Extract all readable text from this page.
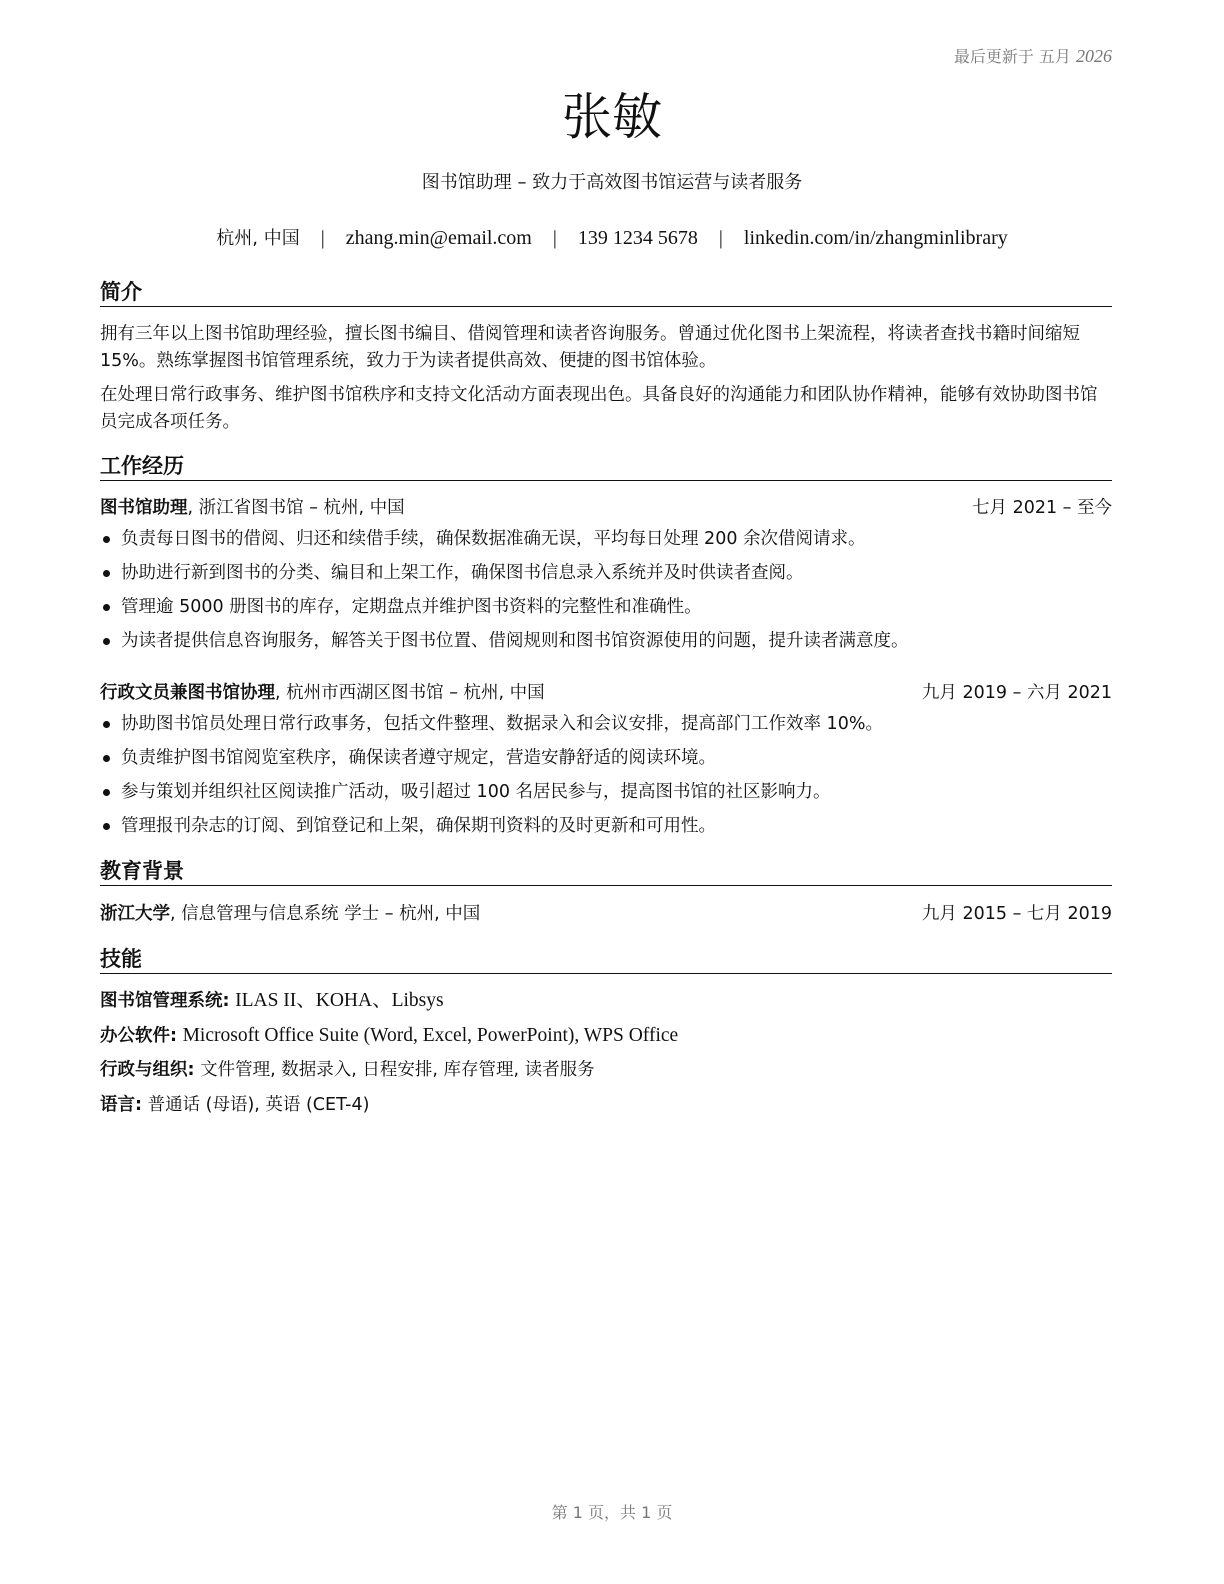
最后更新于 五月 2026
张敏
图书馆助理 – 致力于高效图书馆运营与读者服务
杭州, 中国 | zhang.min@email.com | 139 1234 5678 | linkedin.com/in/zhangminlibrary
简介

拥有三年以上图书馆助理经验，擅长图书编目、借阅管理和读者咨询服务。曾通过优化图书上架流程，将读者查找书籍时间缩短 15%。熟练掌握图书馆管理系统，致力于为读者提供高效、便捷的图书馆体验。

在处理日常行政事务、维护图书馆秩序和支持文化活动方面表现出色。具备良好的沟通能力和团队协作精神，能够有效协助图书馆员完成各项任务。

工作经历
图书馆助理, 浙江省图书馆 – 杭州, 中国	七月 2021 – 至今
负责每日图书的借阅、归还和续借手续，确保数据准确无误，平均每日处理 200 余次借阅请求。
协助进行新到图书的分类、编目和上架工作，确保图书信息录入系统并及时供读者查阅。
管理逾 5000 册图书的库存，定期盘点并维护图书资料的完整性和准确性。
为读者提供信息咨询服务，解答关于图书位置、借阅规则和图书馆资源使用的问题，提升读者满意度。
行政文员兼图书馆协理, 杭州市西湖区图书馆 – 杭州, 中国	九月 2019 – 六月 2021
协助图书馆员处理日常行政事务，包括文件整理、数据录入和会议安排，提高部门工作效率 10%。
负责维护图书馆阅览室秩序，确保读者遵守规定，营造安静舒适的阅读环境。
参与策划并组织社区阅读推广活动，吸引超过 100 名居民参与，提高图书馆的社区影响力。
管理报刊杂志的订阅、到馆登记和上架，确保期刊资料的及时更新和可用性。
教育背景
浙江大学, 信息管理与信息系统 学士 – 杭州, 中国	九月 2015 – 七月 2019
技能
图书馆管理系统: ILAS II、KOHA、Libsys
办公软件: Microsoft Office Suite (Word, Excel, PowerPoint), WPS Office
行政与组织: 文件管理, 数据录入, 日程安排, 库存管理, 读者服务
语言: 普通话 (母语), 英语 (CET-4)
第 1 页，共 1 页
